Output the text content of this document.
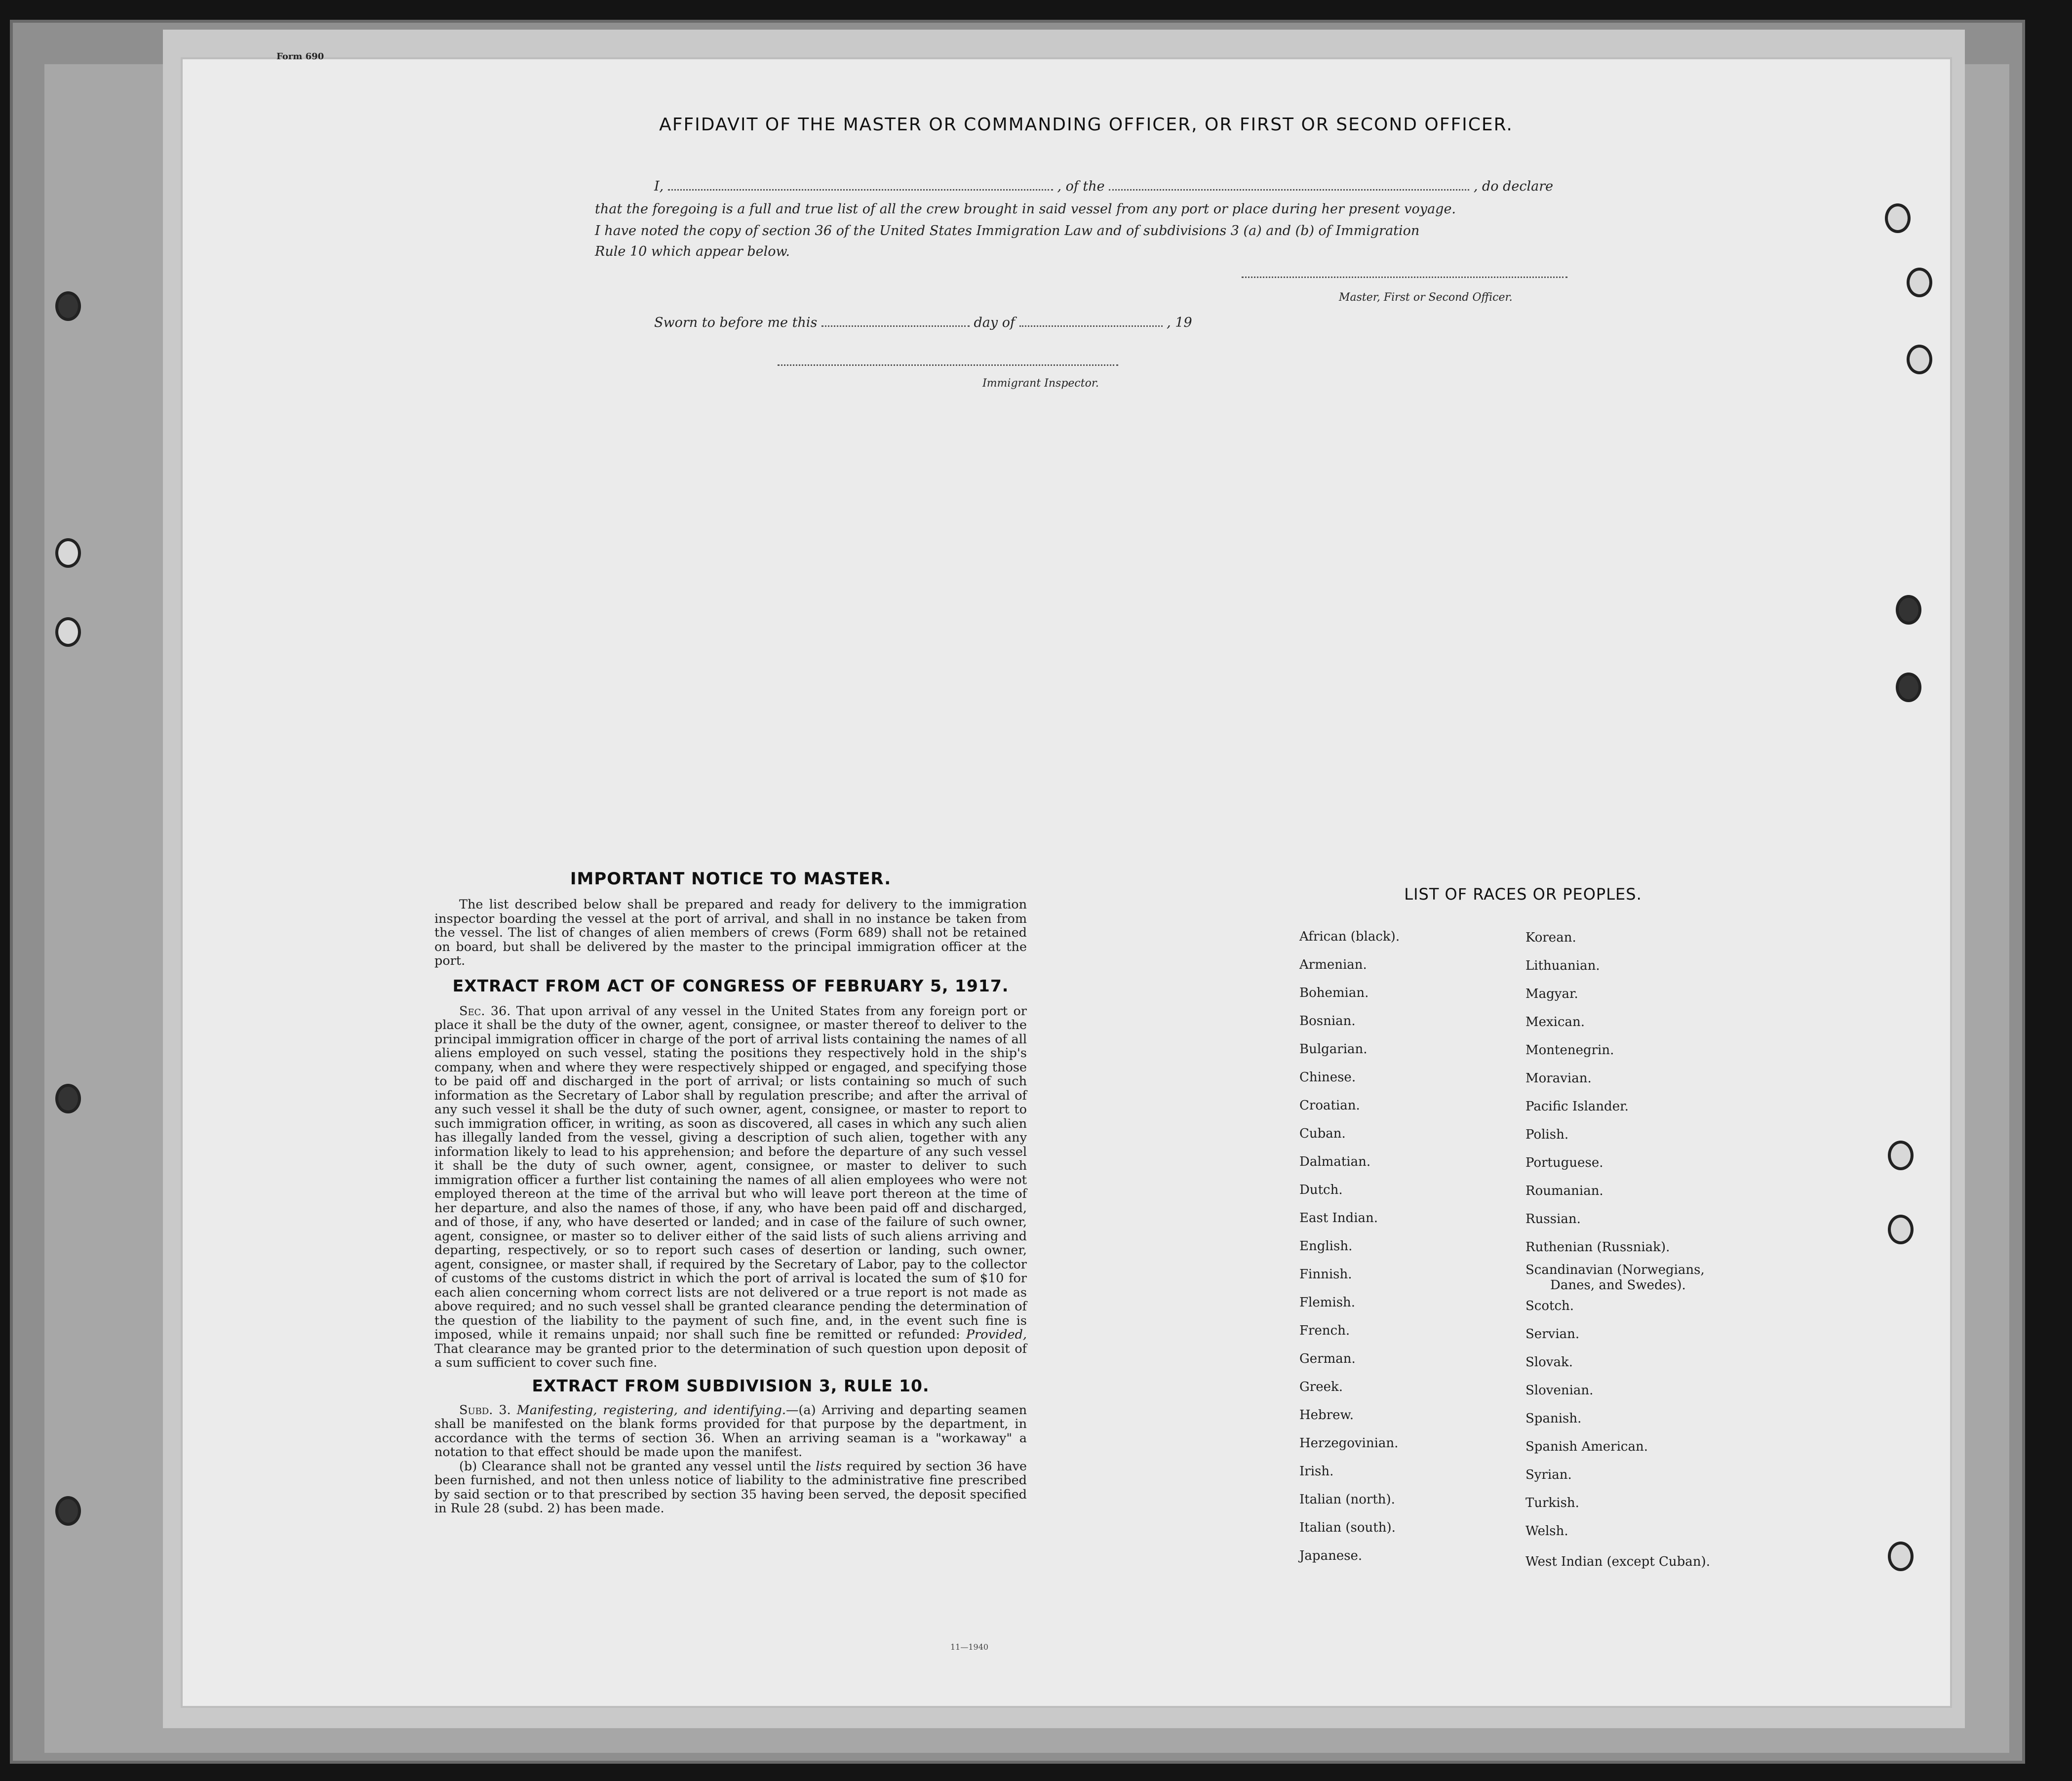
Form 690
AFFIDAVIT OF THE MASTER OR COMMANDING OFFICER, OR FIRST OR SECOND OFFICER.
I,	, of the	, do declare
that the foregoing is a full and true list of all the crew brought in said vessel from any port or place during her present voyage.
I have noted the copy of section 36 of the United States Immigration Law and of subdivisions 3 (a) and (b) of Immigration
Rule 10 which appear below.
Master, First or Second Officer.
Sworn to before me this	day of	, 19
Immigrant Inspector.
IMPORTANT NOTICE TO MASTER.

The list described below shall be prepared and ready for delivery to the immigration inspector boarding the vessel at the port of arrival, and shall in no instance be taken from the vessel. The list of changes of alien members of crews (Form 689) shall not be retained on board, but shall be delivered by the master to the principal immigration officer at the port.

EXTRACT FROM ACT OF CONGRESS OF FEBRUARY 5, 1917.

Sec. 36. That upon arrival of any vessel in the United States from any foreign port or place it shall be the duty of the owner, agent, consignee, or master thereof to deliver to the principal immigration officer in charge of the port of arrival lists containing the names of all aliens employed on such vessel, stating the positions they respectively hold in the ship's company, when and where they were respectively shipped or engaged, and specifying those to be paid off and discharged in the port of arrival; or lists containing so much of such information as the Secretary of Labor shall by regulation prescribe; and after the arrival of any such vessel it shall be the duty of such owner, agent, consignee, or master to report to such immigration officer, in writing, as soon as discovered, all cases in which any such alien has illegally landed from the vessel, giving a description of such alien, together with any information likely to lead to his apprehension; and before the departure of any such vessel it shall be the duty of such owner, agent, consignee, or master to deliver to such immigration officer a further list containing the names of all alien employees who were not employed thereon at the time of the arrival but who will leave port thereon at the time of her departure, and also the names of those, if any, who have been paid off and discharged, and of those, if any, who have deserted or landed; and in case of the failure of such owner, agent, consignee, or master so to deliver either of the said lists of such aliens arriving and departing, respectively, or so to report such cases of desertion or landing, such owner, agent, consignee, or master shall, if required by the Secretary of Labor, pay to the collector of customs of the customs district in which the port of arrival is located the sum of $10 for each alien concerning whom correct lists are not delivered or a true report is not made as above required; and no such vessel shall be granted clearance pending the determination of the question of the liability to the payment of such fine, and, in the event such fine is imposed, while it remains unpaid; nor shall such fine be remitted or refunded: Provided, That clearance may be granted prior to the determination of such question upon deposit of a sum sufficient to cover such fine.

EXTRACT FROM SUBDIVISION 3, RULE 10.

Subd. 3. Manifesting, registering, and identifying.—(a) Arriving and departing seamen shall be manifested on the blank forms provided for that purpose by the department, in accordance with the terms of section 36. When an arriving seaman is a "workaway" a notation to that effect should be made upon the manifest.

(b) Clearance shall not be granted any vessel until the lists required by section 36 have been furnished, and not then unless notice of liability to the administrative fine prescribed by said section or to that prescribed by section 35 having been served, the deposit specified in Rule 28 (subd. 2) has been made.

11—1940
LIST OF RACES OR PEOPLES.
African (black).
Armenian.
Bohemian.
Bosnian.
Bulgarian.
Chinese.
Croatian.
Cuban.
Dalmatian.
Dutch.
East Indian.
English.
Finnish.
Flemish.
French.
German.
Greek.
Hebrew.
Herzegovinian.
Irish.
Italian (north).
Italian (south).
Japanese.
Korean.
Lithuanian.
Magyar.
Mexican.
Montenegrin.
Moravian.
Pacific Islander.
Polish.
Portuguese.
Roumanian.
Russian.
Ruthenian (Russniak).
Scandinavian (Norwegians,
Danes, and Swedes).
Scotch.
Servian.
Slovak.
Slovenian.
Spanish.
Spanish American.
Syrian.
Turkish.
Welsh.
West Indian (except Cuban).
